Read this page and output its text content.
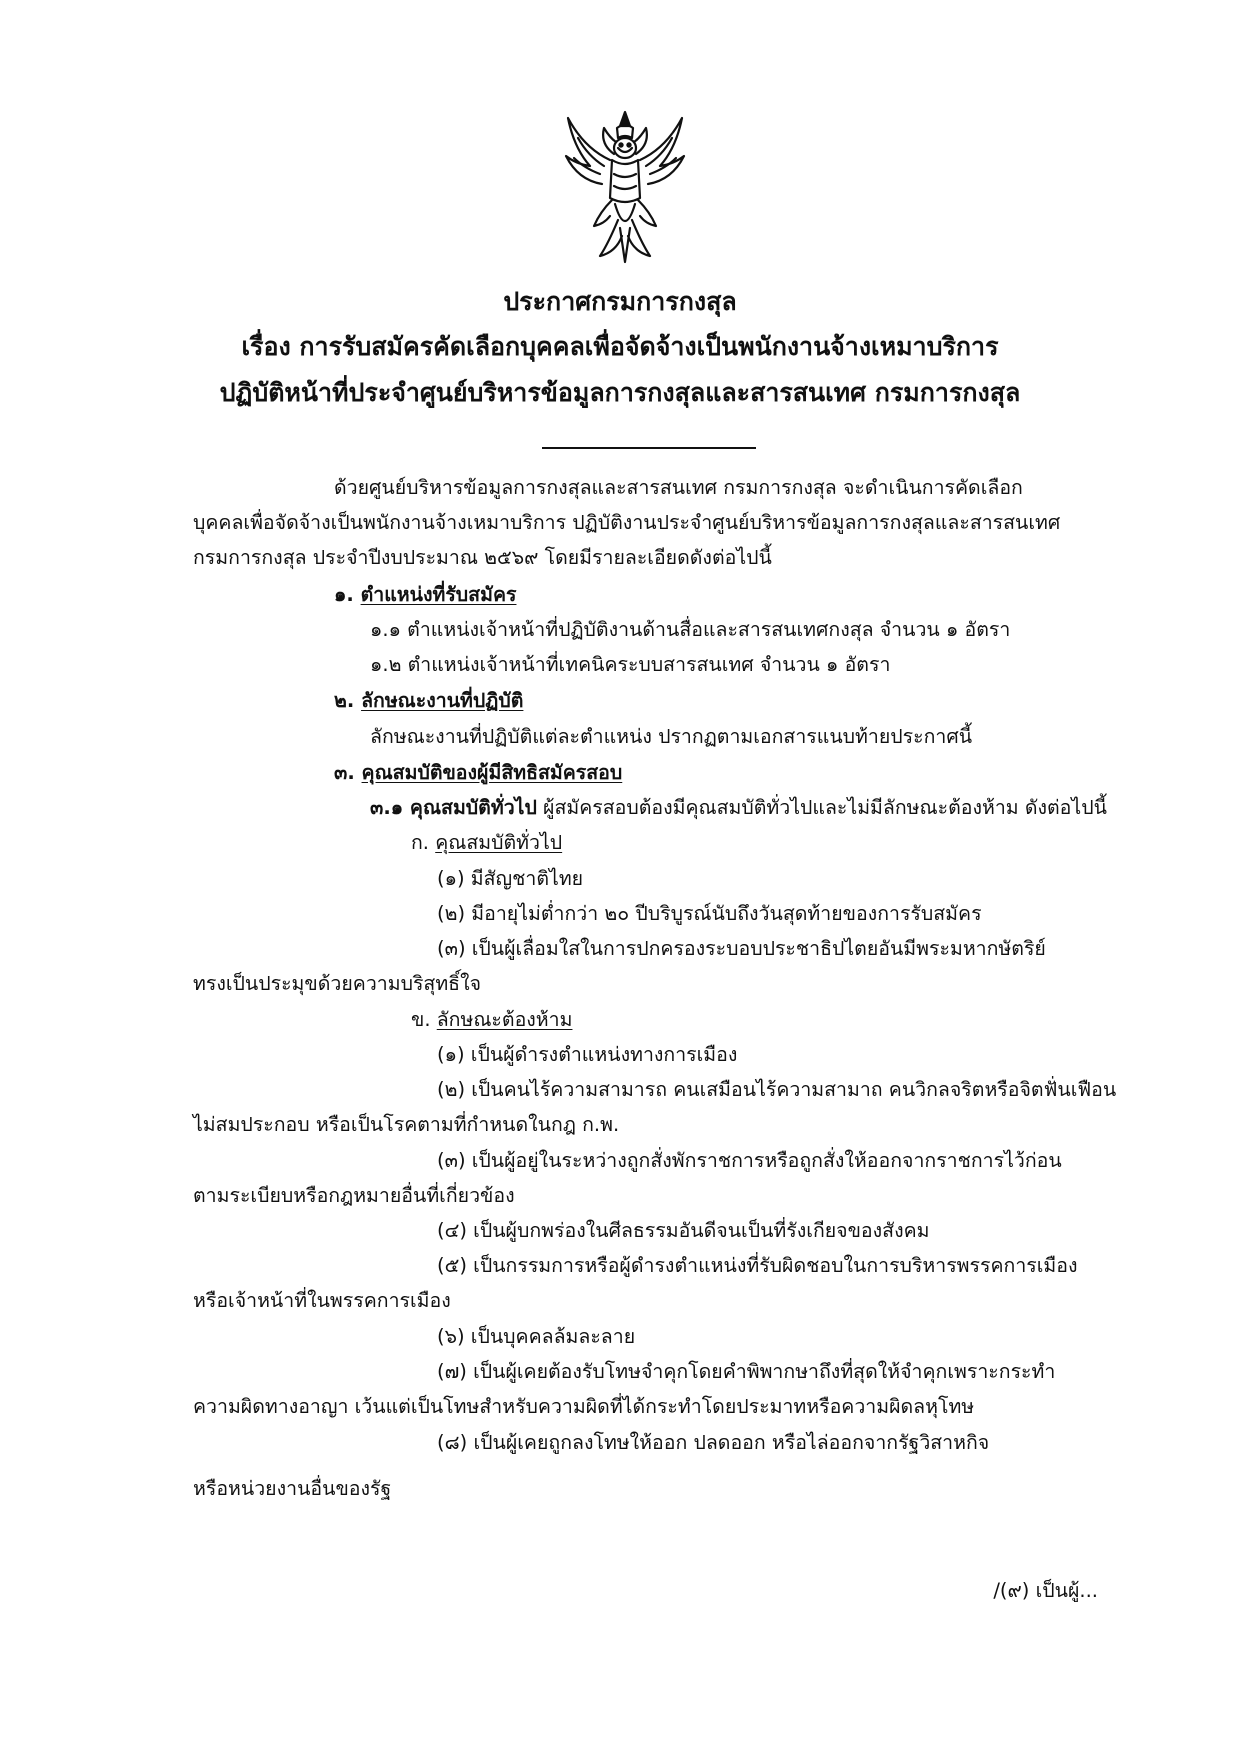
ประกาศกรมการกงสุล
เรื่อง การรับสมัครคัดเลือกบุคคลเพื่อจัดจ้างเป็นพนักงานจ้างเหมาบริการ
ปฏิบัติหน้าที่ประจำศูนย์บริหารข้อมูลการกงสุลและสารสนเทศ กรมการกงสุล
ด้วยศูนย์บริหารข้อมูลการกงสุลและสารสนเทศ กรมการกงสุล จะดำเนินการคัดเลือก
บุคคลเพื่อจัดจ้างเป็นพนักงานจ้างเหมาบริการ ปฏิบัติงานประจำศูนย์บริหารข้อมูลการกงสุลและสารสนเทศ
กรมการกงสุล ประจำปีงบประมาณ ๒๕๖๙ โดยมีรายละเอียดดังต่อไปนี้
๑. ตำแหน่งที่รับสมัคร
๑.๑ ตำแหน่งเจ้าหน้าที่ปฏิบัติงานด้านสื่อและสารสนเทศกงสุล จำนวน ๑ อัตรา
๑.๒ ตำแหน่งเจ้าหน้าที่เทคนิคระบบสารสนเทศ จำนวน ๑ อัตรา
๒. ลักษณะงานที่ปฏิบัติ
ลักษณะงานที่ปฏิบัติแต่ละตำแหน่ง ปรากฏตามเอกสารแนบท้ายประกาศนี้
๓. คุณสมบัติของผู้มีสิทธิสมัครสอบ
๓.๑ คุณสมบัติทั่วไป ผู้สมัครสอบต้องมีคุณสมบัติทั่วไปและไม่มีลักษณะต้องห้าม ดังต่อไปนี้
ก. คุณสมบัติทั่วไป
(๑) มีสัญชาติไทย
(๒) มีอายุไม่ต่ำกว่า ๒๐ ปีบริบูรณ์นับถึงวันสุดท้ายของการรับสมัคร
(๓) เป็นผู้เลื่อมใสในการปกครองระบอบประชาธิปไตยอันมีพระมหากษัตริย์
ทรงเป็นประมุขด้วยความบริสุทธิ์ใจ
ข. ลักษณะต้องห้าม
(๑) เป็นผู้ดำรงตำแหน่งทางการเมือง
(๒) เป็นคนไร้ความสามารถ คนเสมือนไร้ความสามาถ คนวิกลจริตหรือจิตฟั่นเฟือน
ไม่สมประกอบ หรือเป็นโรคตามที่กำหนดในกฎ ก.พ.
(๓) เป็นผู้อยู่ในระหว่างถูกสั่งพักราชการหรือถูกสั่งให้ออกจากราชการไว้ก่อน
ตามระเบียบหรือกฎหมายอื่นที่เกี่ยวข้อง
(๔) เป็นผู้บกพร่องในศีลธรรมอันดีจนเป็นที่รังเกียจของสังคม
(๕) เป็นกรรมการหรือผู้ดำรงตำแหน่งที่รับผิดชอบในการบริหารพรรคการเมือง
หรือเจ้าหน้าที่ในพรรคการเมือง
(๖) เป็นบุคคลล้มละลาย
(๗) เป็นผู้เคยต้องรับโทษจำคุกโดยคำพิพากษาถึงที่สุดให้จำคุกเพราะกระทำ
ความผิดทางอาญา เว้นแต่เป็นโทษสำหรับความผิดที่ได้กระทำโดยประมาทหรือความผิดลหุโทษ
(๘) เป็นผู้เคยถูกลงโทษให้ออก ปลดออก หรือไล่ออกจากรัฐวิสาหกิจ
หรือหน่วยงานอื่นของรัฐ
/(๙) เป็นผู้...
